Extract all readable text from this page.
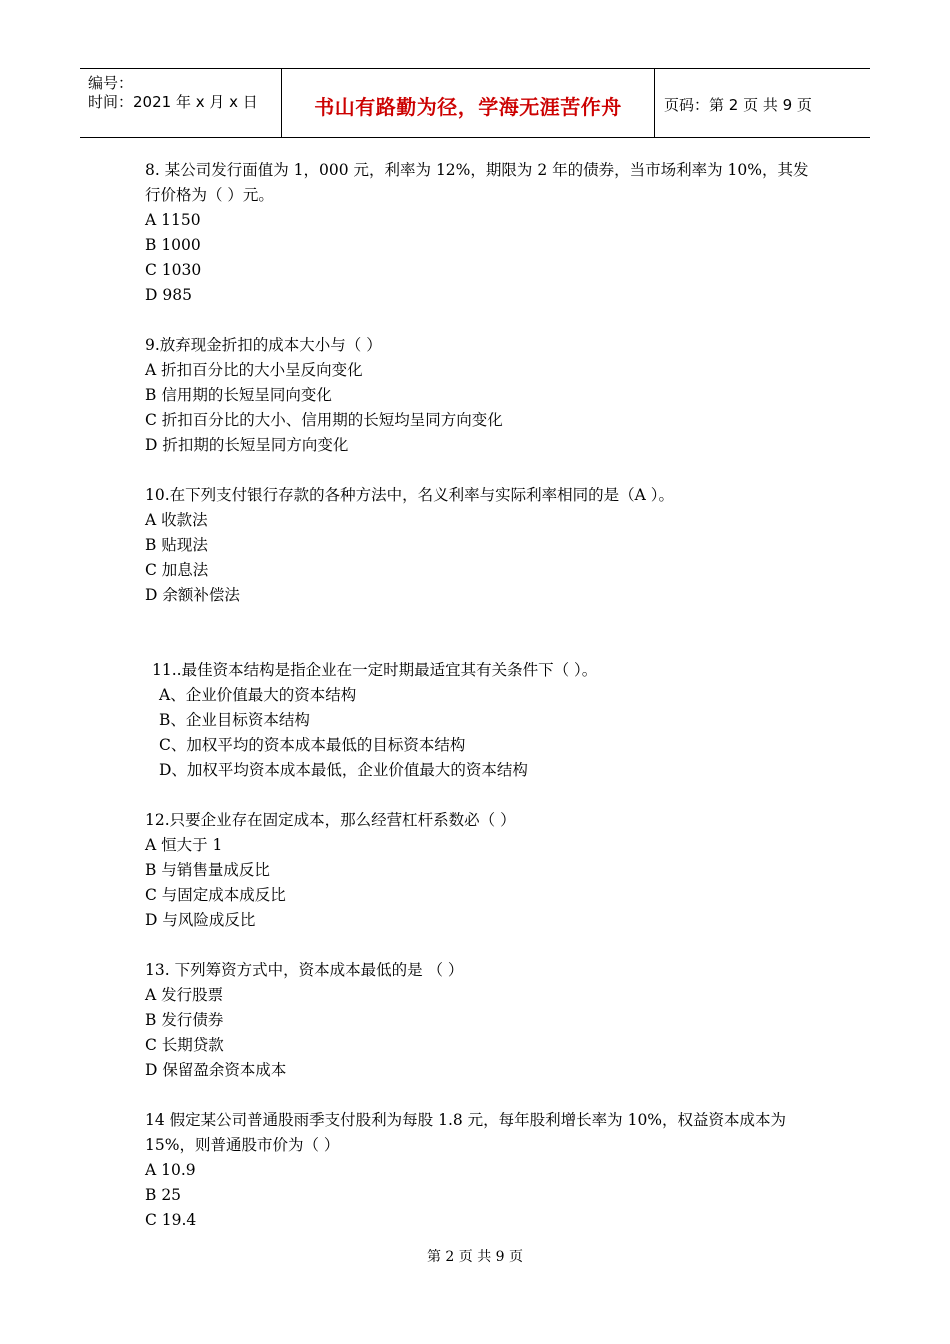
编号：
时间：2021 年 x 月 x 日	书山有路勤为径，学海无涯苦作舟	页码：第 2 页 共 9 页

8. 某公司发行面值为 1，000 元，利率为 12%，期限为 2 年的债券，当市场利率为 10%，其发行价格为（ ）元。

A 1150

B 1000

C 1030

D 985

9.放弃现金折扣的成本大小与（ ）

A 折扣百分比的大小呈反向变化

B 信用期的长短呈同向变化

C 折扣百分比的大小、信用期的长短均呈同方向变化

D 折扣期的长短呈同方向变化

10.在下列支付银行存款的各种方法中，名义利率与实际利率相同的是（A ）。

A 收款法

B 贴现法

C 加息法

D 余额补偿法

11..最佳资本结构是指企业在一定时期最适宜其有关条件下（ ）。

A、企业价值最大的资本结构

B、企业目标资本结构

C、加权平均的资本成本最低的目标资本结构

D、加权平均资本成本最低，企业价值最大的资本结构

12.只要企业存在固定成本，那么经营杠杆系数必（ ）

A 恒大于 1

B 与销售量成反比

C 与固定成本成反比

D 与风险成反比

13. 下列筹资方式中，资本成本最低的是 （ ）

A 发行股票

B 发行债券

C 长期贷款

D 保留盈余资本成本

14 假定某公司普通股雨季支付股利为每股 1.8 元，每年股利增长率为 10%，权益资本成本为 15%，则普通股市价为（ ）

A 10.9

B 25

C 19.4

第 2 页 共 9 页
